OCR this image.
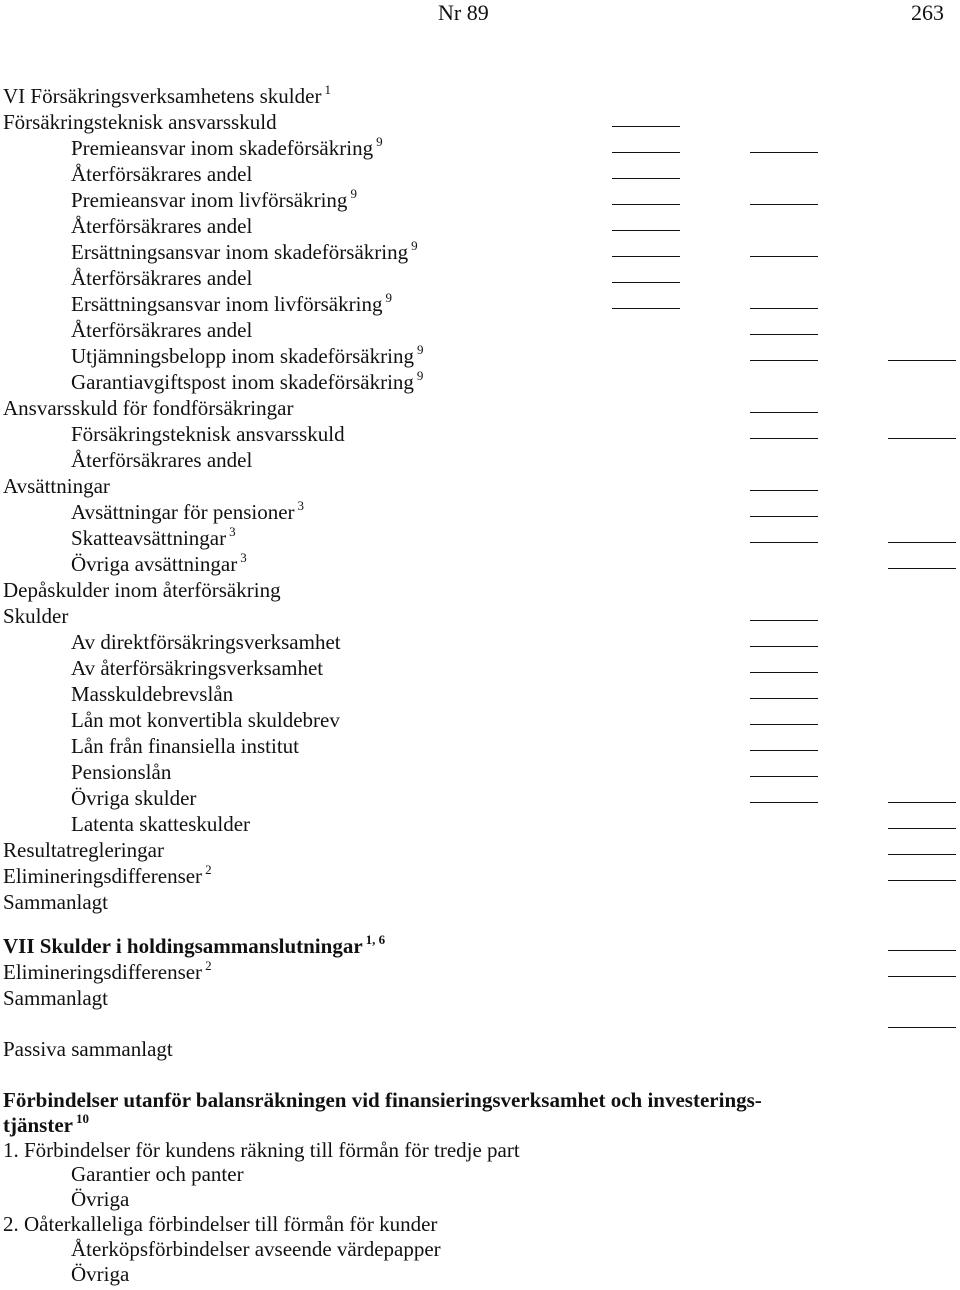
Nr 89	263
VI Försäkringsverksamhetens skulder $^1$
Försäkringsteknisk ansvarsskuld
Premieansvar inom skadeförsäkring $^9$
Återförsäkrares andel
Premieansvar inom livförsäkring $^9$
Återförsäkrares andel
Ersättningsansvar inom skadeförsäkring $^9$
Återförsäkrares andel
Ersättningsansvar inom livförsäkring $^9$
Återförsäkrares andel
Utjämningsbelopp inom skadeförsäkring $^9$
Garantiavgiftspost inom skadeförsäkring $^9$
Ansvarsskuld för fondförsäkringar
Försäkringsteknisk ansvarsskuld
Återförsäkrares andel
Avsättningar
Avsättningar för pensioner $^3$
Skatteavsättningar $^3$
Övriga avsättningar $^3$
Depåskulder inom återförsäkring
Skulder
Av direktförsäkringsverksamhet
Av återförsäkringsverksamhet
Masskuldebrevslån
Lån mot konvertibla skuldebrev
Lån från finansiella institut
Pensionslån
Övriga skulder
Latenta skatteskulder
Resultatregleringar
Elimineringsdifferenser $^2$
Sammanlagt
VII Skulder i holdingsammanslutningar $^{1, 6}$
Elimineringsdifferenser $^2$
Sammanlagt
Passiva sammanlagt
Förbindelser utanför balansräkningen vid finansieringsverksamhet och investerings-
tjänster $^{10}$
1. Förbindelser för kundens räkning till förmån för tredje part
Garantier och panter
Övriga
2. Oåterkalleliga förbindelser till förmån för kunder
Återköpsförbindelser avseende värdepapper
Övriga
